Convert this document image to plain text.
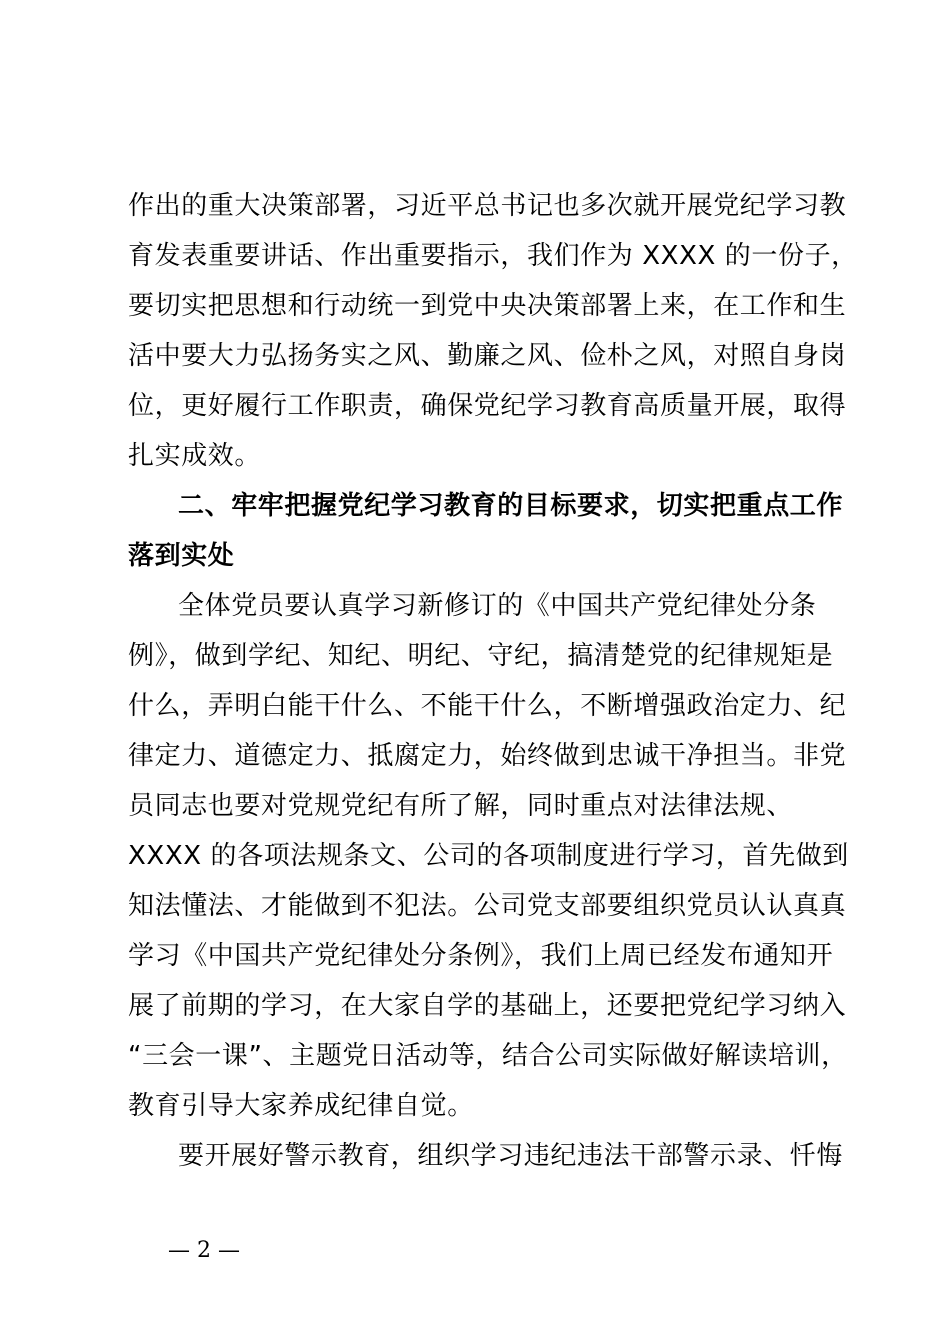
作出的重大决策部署，习近平总书记也多次就开展党纪学习教
育发表重要讲话、作出重要指示，我们作为 XXXX 的一份子，
要切实把思想和行动统一到党中央决策部署上来，在工作和生
活中要大力弘扬务实之风、勤廉之风、俭朴之风，对照自身岗
位，更好履行工作职责，确保党纪学习教育高质量开展，取得
扎实成效。
二、牢牢把握党纪学习教育的目标要求，切实把重点工作
落到实处
全体党员要认真学习新修订的《中国共产党纪律处分条
例》，做到学纪、知纪、明纪、守纪，搞清楚党的纪律规矩是
什么，弄明白能干什么、不能干什么，不断增强政治定力、纪
律定力、道德定力、抵腐定力，始终做到忠诚干净担当。非党
员同志也要对党规党纪有所了解，同时重点对法律法规、
XXXX 的各项法规条文、公司的各项制度进行学习，首先做到
知法懂法、才能做到不犯法。公司党支部要组织党员认认真真
学习《中国共产党纪律处分条例》，我们上周已经发布通知开
展了前期的学习，在大家自学的基础上，还要把党纪学习纳入
“三会一课”、主题党日活动等，结合公司实际做好解读培训，
教育引导大家养成纪律自觉。
要开展好警示教育，组织学习违纪违法干部警示录、忏悔
— 2 —
